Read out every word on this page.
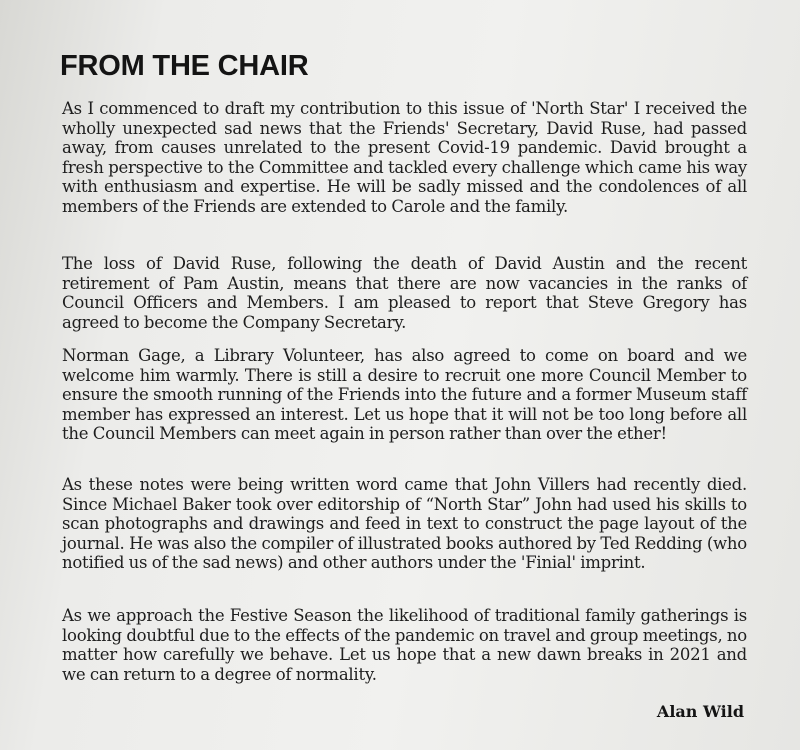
FROM THE CHAIR

As I commenced to draft my contribution to this issue of 'North Star' I received the wholly unexpected sad news that the Friends' Secretary, David Ruse, had passed away, from causes unrelated to the present Covid-19 pandemic. David brought a fresh perspective to the Committee and tackled every challenge which came his way with enthusiasm and expertise. He will be sadly missed and the condolences of all members of the Friends are extended to Carole and the family.

The loss of David Ruse, following the death of David Austin and the recent retirement of Pam Austin, means that there are now vacancies in the ranks of Council Officers and Members. I am pleased to report that Steve Gregory has agreed to become the Company Secretary.

Norman Gage, a Library Volunteer, has also agreed to come on board and we welcome him warmly. There is still a desire to recruit one more Council Member to ensure the smooth running of the Friends into the future and a former Museum staff member has expressed an interest. Let us hope that it will not be too long before all the Council Members can meet again in person rather than over the ether!

As these notes were being written word came that John Villers had recently died. Since Michael Baker took over editorship of “North Star” John had used his skills to scan photographs and drawings and feed in text to construct the page layout of the journal. He was also the compiler of illustrated books authored by Ted Redding (who notified us of the sad news) and other authors under the 'Finial' imprint.

As we approach the Festive Season the likelihood of traditional family gatherings is looking doubtful due to the effects of the pandemic on travel and group meetings, no matter how carefully we behave. Let us hope that a new dawn breaks in 2021 and we can return to a degree of normality.

Alan Wild
